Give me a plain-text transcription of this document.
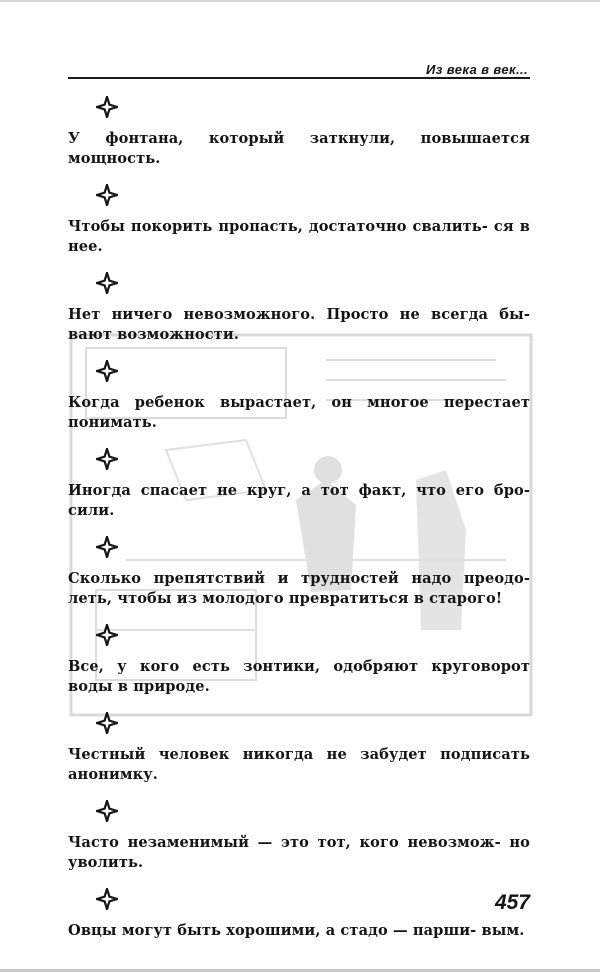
Из века в век...
У фонтана, который заткнули, повышается мощность.
Чтобы покорить пропасть, достаточно свалить- ся в нее.
Нет ничего невозможного. Просто не всегда бы- вают возможности.
Когда ребенок вырастает, он многое перестает понимать.
Иногда спасает не круг, а тот факт, что его бро- сили.
Сколько препятствий и трудностей надо преодо- леть, чтобы из молодого превратиться в старого!
Все, у кого есть зонтики, одобряют круговорот воды в природе.
Честный человек никогда не забудет подписать анонимку.
Часто незаменимый — это тот, кого невозмож- но уволить.
Овцы могут быть хорошими, а стадо — парши- вым.
457
